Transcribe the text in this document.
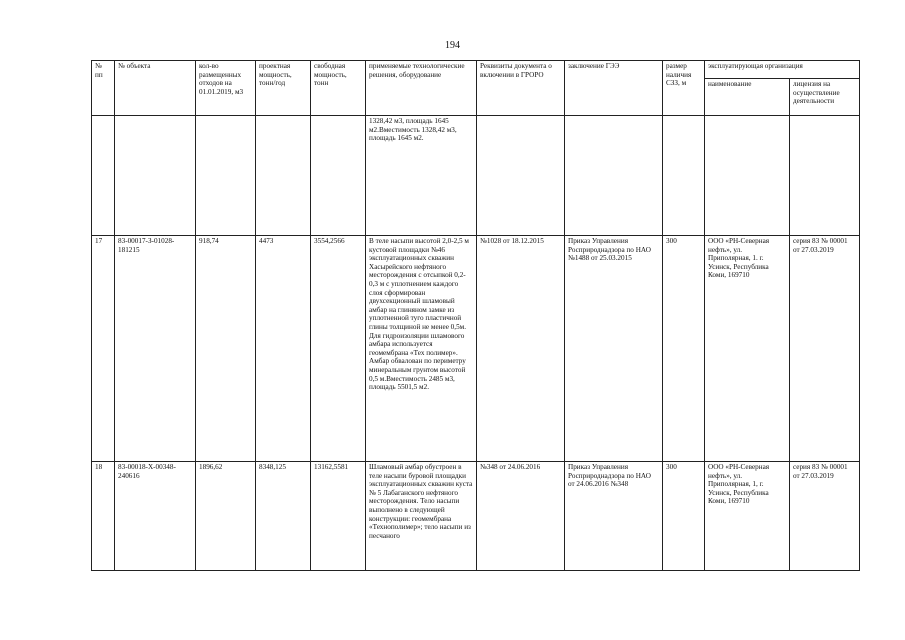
194
№ пп	№ объекта	кол-во размещенных отходов на 01.01.2019, м3	проектная мощность, тонн/год	свободная мощность, тонн	применяемые технологические решения, оборудование	Реквизиты документа о включении в ГРОРО	заключение ГЭЭ	размер наличия СЗЗ, м	эксплуатирующая организация	
									наименование	лицензия на осуществление деятельности
					1328,42 м3, площадь 1645 м2.Вместимость 1328,42 м3, площадь 1645 м2.					
17	83-00017-З-01028-181215	918,74	4473	3554,2566	В теле насыпи высотой 2,0-2,5 м кустовой площадки №46 эксплуатационных скважин Хасырейского нефтяного месторождения с отсыпкой 0,2-0,3 м с уплотнением каждого слоя сформирован двухсекционный шламовый амбар на глиняном замке из уплотненной туго пластичной глины толщиной не менее 0,5м. Для гидроизоляции шламового амбара используется геомембрана «Тех полимер». Амбар обвалован по периметру минеральным грунтом высотой 0,5 м.Вместимость 2485 м3, площадь 5501,5 м2.	№1028 от 18.12.2015	Приказ Управления Росприроднадзора по НАО №1488 от 25.03.2015	300	ООО «РН-Северная нефть», ул. Приполярная, 1. г. Усинск, Республика Коми, 169710	серия 83 № 00001 от 27.03.2019
18	83-00018-Х-00348-240616	1896,62	8348,125	13162,5581	Шламовый амбар обустроен в теле насыпи буровой площадки эксплуатационных скважин куста № 5 Лабаганского нефтяного месторождения. Тело насыпи выполнено в следующей конструкции: геомембрана «Технополимер»; тело насыпи из песчаного	№348 от 24.06.2016	Приказ Управления Росприроднадзора по НАО от 24.06.2016 №348	300	ООО «РН-Северная нефть», ул. Приполярная, 1, г. Усинск, Республика Коми, 169710	серия 83 № 00001 от 27.03.2019
